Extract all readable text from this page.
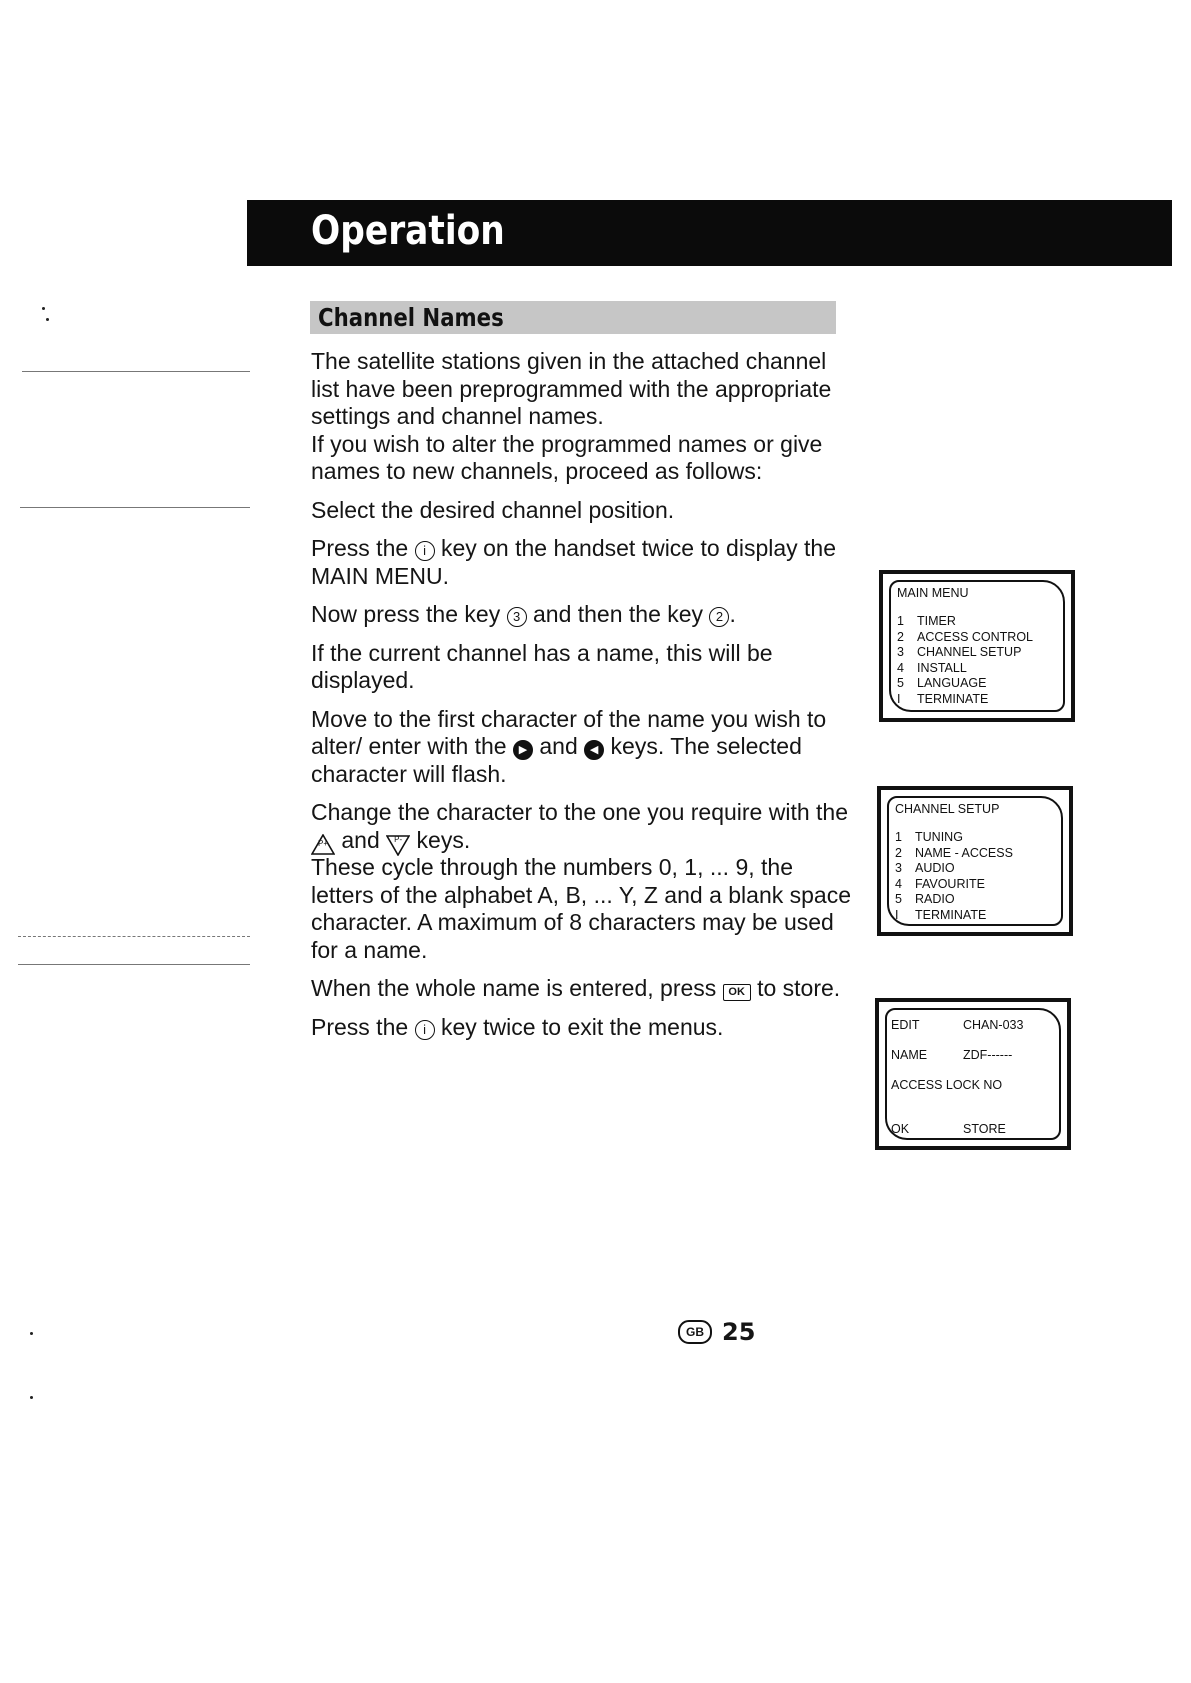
Operation
Channel Names

The satellite stations given in the attached channel list have been preprogrammed with the appropriate settings and channel names.
If you wish to alter the programmed names or give names to new channels, proceed as follows:

Select the desired channel position.

Press the i key on the handset twice to display the MAIN MENU.

Now press the key 3 and then the key 2 .

If the current channel has a name, this will be displayed.

Move to the first character of the name you wish to alter/ enter with the ▶ and ◀ keys. The selected character will flash.

Change the character to the one you require with the
P+ and $^{P-}$ keys.
These cycle through the numbers 0, 1, ... 9, the letters of the alphabet A, B, ... Y, Z and a blank space character. A maximum of 8 characters may be used for a name.

When the whole name is entered, press OK to store.

Press the i key twice to exit the menus.

MAIN MENU
1 TIMER
2 ACCESS CONTROL
3 CHANNEL SETUP
4 INSTALL
5 LANGUAGE
I TERMINATE
CHANNEL SETUP
1 TUNING
2 NAME - ACCESS
3 AUDIO
4 FAVOURITE
5 RADIO
I TERMINATE
EDIT	CHAN-033
NAME	ZDF------
ACCESS LOCK NO
OK	STORE
GB 25
